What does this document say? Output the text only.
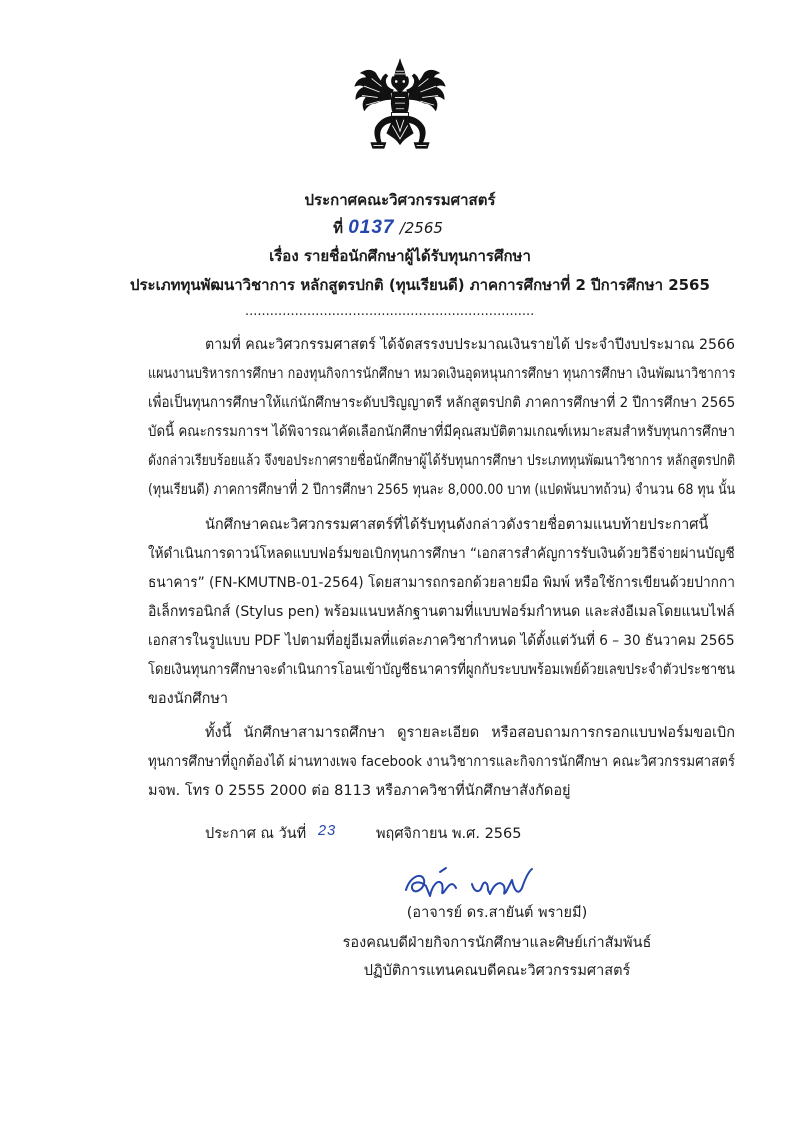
ประกาศคณะวิศวกรรมศาสตร์
ที่ 0137 /2565
เรื่อง รายชื่อนักศึกษาผู้ได้รับทุนการศึกษา
ประเภททุนพัฒนาวิชาการ หลักสูตรปกติ (ทุนเรียนดี) ภาคการศึกษาที่ 2 ปีการศึกษา 2565
......................................................................
ตามที่ คณะวิศวกรรมศาสตร์ ได้จัดสรรงบประมาณเงินรายได้ ประจำปีงบประมาณ 2566
แผนงานบริหารการศึกษา กองทุนกิจการนักศึกษา หมวดเงินอุดหนุนการศึกษา ทุนการศึกษา เงินพัฒนาวิชาการ
เพื่อเป็นทุนการศึกษาให้แก่นักศึกษาระดับปริญญาตรี หลักสูตรปกติ ภาคการศึกษาที่ 2 ปีการศึกษา 2565
บัดนี้ คณะกรรมการฯ ได้พิจารณาคัดเลือกนักศึกษาที่มีคุณสมบัติตามเกณฑ์เหมาะสมสำหรับทุนการศึกษา
ดังกล่าวเรียบร้อยแล้ว จึงขอประกาศรายชื่อนักศึกษาผู้ได้รับทุนการศึกษา ประเภททุนพัฒนาวิชาการ หลักสูตรปกติ
(ทุนเรียนดี) ภาคการศึกษาที่ 2 ปีการศึกษา 2565 ทุนละ 8,000.00 บาท (แปดพันบาทถ้วน) จำนวน 68 ทุน นั้น
นักศึกษาคณะวิศวกรรมศาสตร์ที่ได้รับทุนดังกล่าวดังรายชื่อตามแนบท้ายประกาศนี้
ให้ดำเนินการดาวน์โหลดแบบฟอร์มขอเบิกทุนการศึกษา “เอกสารสำคัญการรับเงินด้วยวิธีจ่ายผ่านบัญชี
ธนาคาร” (FN-KMUTNB-01-2564) โดยสามารถกรอกด้วยลายมือ พิมพ์ หรือใช้การเขียนด้วยปากกา
อิเล็กทรอนิกส์ (Stylus pen) พร้อมแนบหลักฐานตามที่แบบฟอร์มกำหนด และส่งอีเมลโดยแนบไฟล์
เอกสารในรูปแบบ PDF ไปตามที่อยู่อีเมลที่แต่ละภาควิชากำหนด ได้ตั้งแต่วันที่ 6 – 30 ธันวาคม 2565
โดยเงินทุนการศึกษาจะดำเนินการโอนเข้าบัญชีธนาคารที่ผูกกับระบบพร้อมเพย์ด้วยเลขประจำตัวประชาชน
ของนักศึกษา
ทั้งนี้ นักศึกษาสามารถศึกษา ดูรายละเอียด หรือสอบถามการกรอกแบบฟอร์มขอเบิก
ทุนการศึกษาที่ถูกต้องได้ ผ่านทางเพจ facebook งานวิชาการและกิจการนักศึกษา คณะวิศวกรรมศาสตร์
มจพ. โทร 0 2555 2000 ต่อ 8113 หรือภาควิชาที่นักศึกษาสังกัดอยู่
ประกาศ ณ วันที่ 23	พฤศจิกายน พ.ศ. 2565
(อาจารย์ ดร.สายันต์ พรายมี)
รองคณบดีฝ่ายกิจการนักศึกษาและศิษย์เก่าสัมพันธ์
ปฏิบัติการแทนคณบดีคณะวิศวกรรมศาสตร์
